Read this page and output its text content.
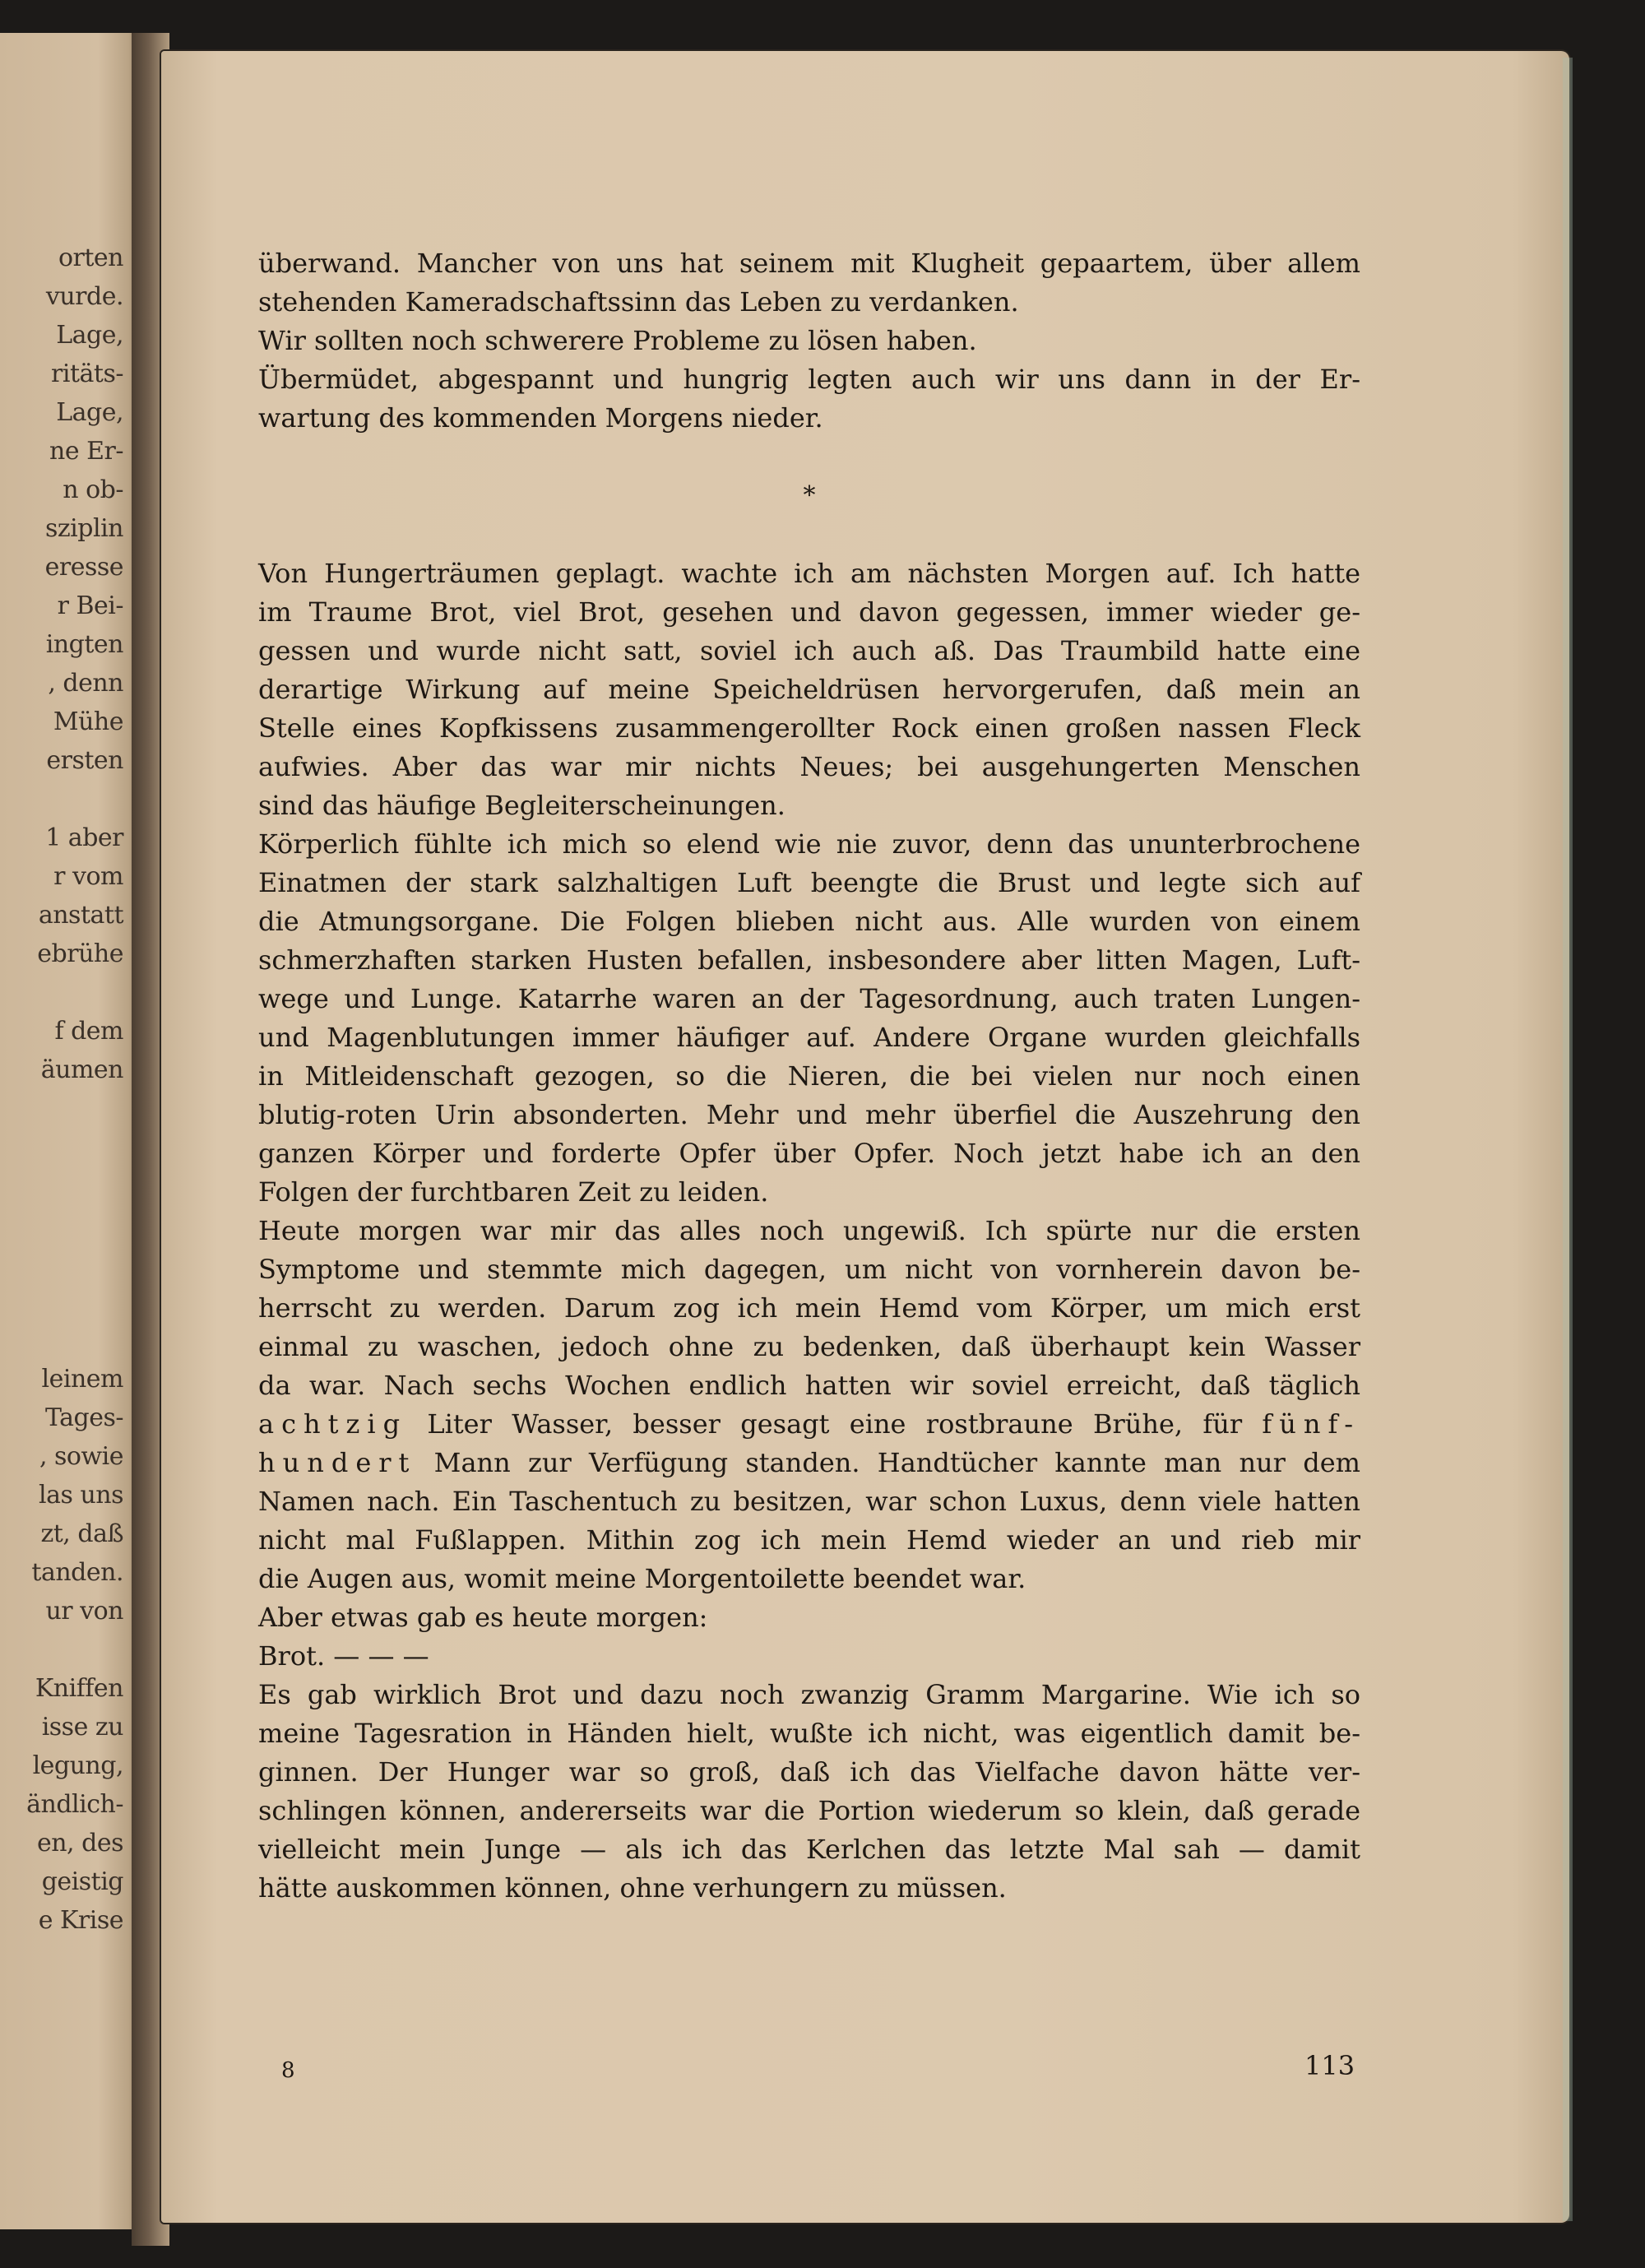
orten
vurde.
Lage,
ritäts-
Lage,
ne Er-
n ob-
sziplin
eresse
r Bei-
ingten
, denn
Mühe
ersten
1 aber
r vom
anstatt
ebrühe
f dem
äumen
leinem
Tages-
, sowie
las uns
zt, daß
tanden.
ur von
Kniffen
isse zu
legung,
ändlich-
en, des
geistig
e Krise
überwand. Mancher von uns hat seinem mit Klugheit gepaartem, über allem
stehenden Kameradschaftssinn das Leben zu verdanken.
Wir sollten noch schwerere Probleme zu lösen haben.
Übermüdet, abgespannt und hungrig legten auch wir uns dann in der Er-
wartung des kommenden Morgens nieder.
*
Von Hungerträumen geplagt. wachte ich am nächsten Morgen auf. Ich hatte
im Traume Brot, viel Brot, gesehen und davon gegessen, immer wieder ge-
gessen und wurde nicht satt, soviel ich auch aß. Das Traumbild hatte eine
derartige Wirkung auf meine Speicheldrüsen hervorgerufen, daß mein an
Stelle eines Kopfkissens zusammengerollter Rock einen großen nassen Fleck
aufwies. Aber das war mir nichts Neues; bei ausgehungerten Menschen
sind das häufige Begleiterscheinungen.
Körperlich fühlte ich mich so elend wie nie zuvor, denn das ununterbrochene
Einatmen der stark salzhaltigen Luft beengte die Brust und legte sich auf
die Atmungsorgane. Die Folgen blieben nicht aus. Alle wurden von einem
schmerzhaften starken Husten befallen, insbesondere aber litten Magen, Luft-
wege und Lunge. Katarrhe waren an der Tagesordnung, auch traten Lungen-
und Magenblutungen immer häufiger auf. Andere Organe wurden gleichfalls
in Mitleidenschaft gezogen, so die Nieren, die bei vielen nur noch einen
blutig-roten Urin absonderten. Mehr und mehr überfiel die Auszehrung den
ganzen Körper und forderte Opfer über Opfer. Noch jetzt habe ich an den
Folgen der furchtbaren Zeit zu leiden.
Heute morgen war mir das alles noch ungewiß. Ich spürte nur die ersten
Symptome und stemmte mich dagegen, um nicht von vornherein davon be-
herrscht zu werden. Darum zog ich mein Hemd vom Körper, um mich erst
einmal zu waschen, jedoch ohne zu bedenken, daß überhaupt kein Wasser
da war. Nach sechs Wochen endlich hatten wir soviel erreicht, daß täglich
achtzig Liter Wasser, besser gesagt eine rostbraune Brühe, für fünf-
hundert Mann zur Verfügung standen. Handtücher kannte man nur dem
Namen nach. Ein Taschentuch zu besitzen, war schon Luxus, denn viele hatten
nicht mal Fußlappen. Mithin zog ich mein Hemd wieder an und rieb mir
die Augen aus, womit meine Morgentoilette beendet war.
Aber etwas gab es heute morgen:
Brot. — — —
Es gab wirklich Brot und dazu noch zwanzig Gramm Margarine. Wie ich so
meine Tagesration in Händen hielt, wußte ich nicht, was eigentlich damit be-
ginnen. Der Hunger war so groß, daß ich das Vielfache davon hätte ver-
schlingen können, andererseits war die Portion wiederum so klein, daß gerade
vielleicht mein Junge — als ich das Kerlchen das letzte Mal sah — damit
hätte auskommen können, ohne verhungern zu müssen.
8	113
